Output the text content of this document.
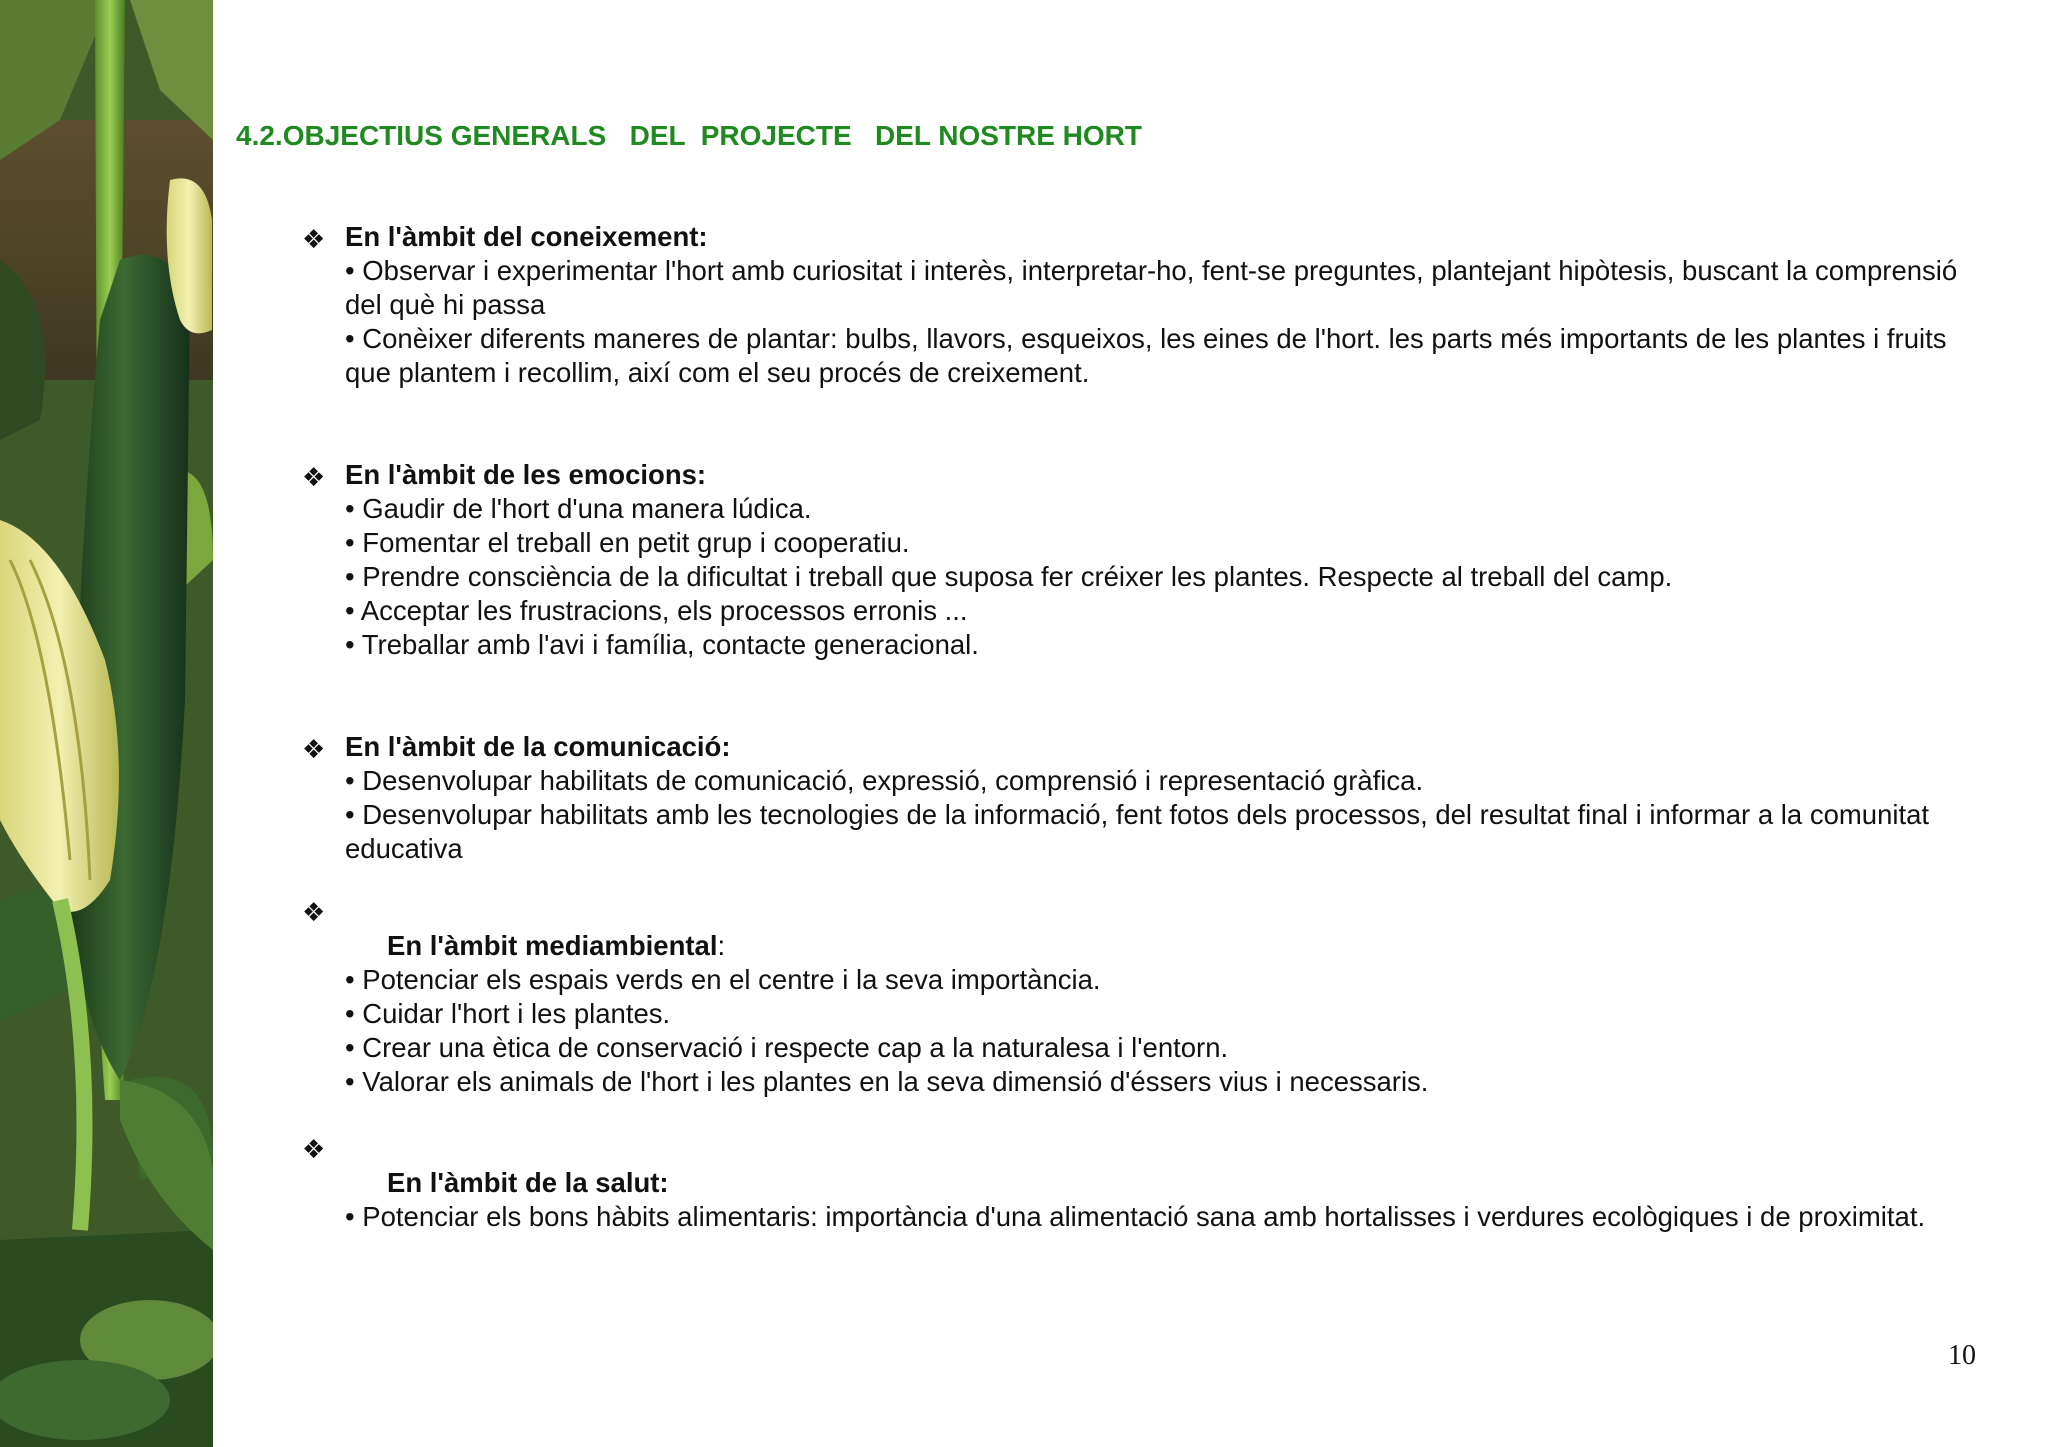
4.2.OBJECTIUS GENERALS   DEL  PROJECTE   DEL NOSTRE HORT
❖ En l'àmbit del coneixement:
• Observar i experimentar l'hort amb curiositat i interès, interpretar-ho, fent-se preguntes, plantejant hipòtesis, buscant la comprensió del què hi passa
• Conèixer diferents maneres de plantar: bulbs, llavors, esqueixos, les eines de l'hort. les parts més importants de les plantes i fruits que plantem i recollim, així com el seu procés de creixement.
❖ En l'àmbit de les emocions:
• Gaudir de l'hort d'una manera lúdica.
• Fomentar el treball en petit grup i cooperatiu.
• Prendre consciència de la dificultat i treball que suposa fer créixer les plantes. Respecte al treball del camp.
• Acceptar les frustracions, els processos erronis ...
• Treballar amb l'avi i família, contacte generacional.
❖ En l'àmbit de la comunicació:
• Desenvolupar habilitats de comunicació, expressió, comprensió i representació gràfica.
• Desenvolupar habilitats amb les tecnologies de la informació, fent fotos dels processos, del resultat final i informar a la comunitat educativa
❖
En l'àmbit mediambiental:
• Potenciar els espais verds en el centre i la seva importància.
• Cuidar l'hort i les plantes.
• Crear una ètica de conservació i respecte cap a la naturalesa i l'entorn.
• Valorar els animals de l'hort i les plantes en la seva dimensió d'éssers vius i necessaris.
❖
En l'àmbit de la salut:
• Potenciar els bons hàbits alimentaris: importància d'una alimentació sana amb hortalisses i verdures ecològiques i de proximitat.
10
